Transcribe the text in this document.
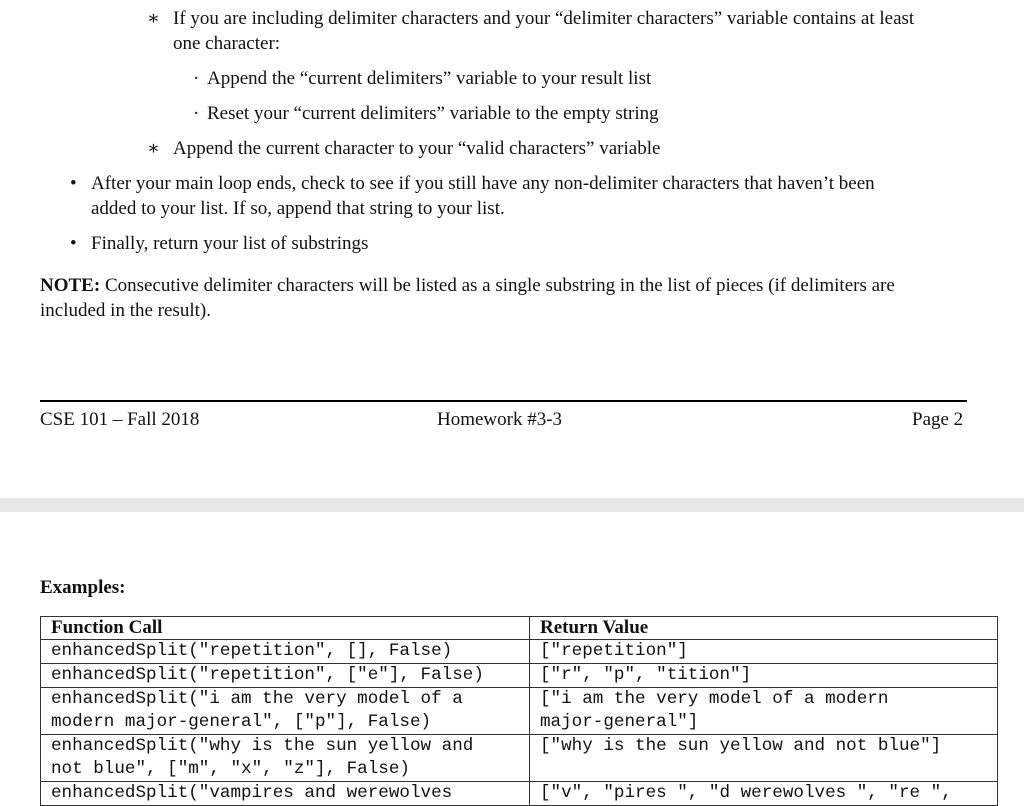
∗ If you are including delimiter characters and your “delimiter characters” variable contains at least
one character:
· Append the “current delimiters” variable to your result list
· Reset your “current delimiters” variable to the empty string
∗ Append the current character to your “valid characters” variable
• After your main loop ends, check to see if you still have any non-delimiter characters that haven’t been
added to your list. If so, append that string to your list.
• Finally, return your list of substrings
NOTE: Consecutive delimiter characters will be listed as a single substring in the list of pieces (if delimiters are
included in the result).
CSE 101 – Fall 2018	Homework #3-3	Page 2
Examples:
Function Call	Return Value
enhancedSplit("repetition", [], False)	["repetition"]
enhancedSplit("repetition", ["e"], False)	["r", "p", "tition"]
enhancedSplit("i am the very model of a
modern major-general", ["p"], False)	["i am the very model of a modern
major-general"]
enhancedSplit("why is the sun yellow and
not blue", ["m", "x", "z"], False)	["why is the sun yellow and not blue"]
enhancedSplit("vampires and werewolves	["v", "pires ", "d werewolves ", "re ",
